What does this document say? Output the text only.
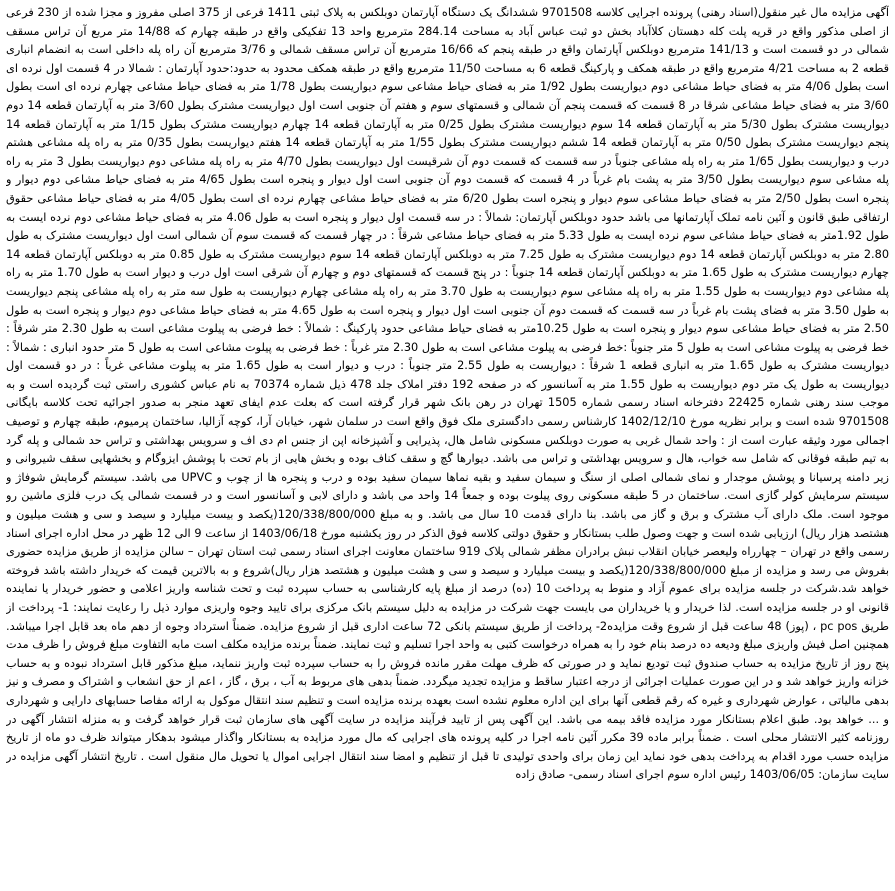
آگهی مزایده مال غیر منقول(اسناد رهنی) پرونده اجرایی کلاسه 9701508 ششدانگ یک دستگاه آپارتمان دوبلکس به پلاک ثبتی 1411 فرعی از 375 اصلی مفروز و مجزا شده از 230 فرعی از اصلی مذکور واقع در قریه پلت کله دهستان کلاآباد بخش دو ثبت عباس آباد به مساحت 284.14 مترمربع واحد 13 تفکیکی واقع در طبقه چهارم که 14/88 متر مربع آن تراس مسقف شمالی در دو قسمت است و 141/13 مترمربع دوبلکس آپارتمان واقع در طبقه پنجم که 16/66 مترمربع آن تراس مسقف شمالی و 3/76 مترمربع آن راه پله داخلی است به انضمام انباری قطعه 2 به مساحت 4/21 مترمربع واقع در طبقه همکف و پارکینگ قطعه 6 به مساحت 11/50 مترمربع واقع در طبقه همکف محدود به حدود:حدود آپارتمان : شمالا در 4 قسمت اول نرده ای است بطول 4/06 متر به فضای حیاط مشاعی دوم دیواریست بطول 1/92 متر به فضای حیاط مشاعی سوم دیواریست بطول 1/78 متر به فضای حیاط مشاعی چهارم نرده ای است بطول 3/60 متر به فضای حیاط مشاعی شرقا در 8 قسمت که قسمت پنجم آن شمالی و قسمتهای سوم و هفتم آن جنوبی است اول دیواریست مشترک بطول 3/60 متر به آپارتمان قطعه 14 دوم دیواریست مشترک بطول 5/30 متر به آپارتمان قطعه 14 سوم دیواریست مشترک بطول 0/25 متر به آپارتمان قطعه 14 چهارم دیواریست مشترک بطول 1/15 متر به آپارتمان قطعه 14 پنجم دیواریست مشترک بطول 0/50 متر به آپارتمان قطعه 14 ششم دیواریست مشترک بطول 1/55 متر به آپارتمان قطعه 14 هفتم دیواریست بطول 0/35 متر به راه پله مشاعی هشتم درب و دیواریست بطول 1/65 متر به راه پله مشاعی جنوباً در سه قسمت که قسمت دوم آن شرقیست اول دیواریست بطول 4/70 متر به راه پله مشاعی دوم دیواریست بطول 3 متر به راه پله مشاعی سوم دیواریست بطول 3/50 متر به پشت بام غرباً در 4 قسمت که قسمت دوم آن جنوبی است اول دیوار و پنجره است بطول 4/65 متر به فضای حیاط مشاعی دوم دیوار و پنجره است بطول 2/50 متر به فضای حیاط مشاعی سوم دیوار و پنجره است بطول 6/20 متر به فضای حیاط مشاعی چهارم نرده ای است بطول 4/05 متر به فضای حیاط مشاعی حقوق ارتفاقی طبق قانون و آئین نامه تملک آپارتمانها می باشد حدود دوبلکس آپارتمان: شمالاً : در سه قسمت اول دیوار و پنجره است به طول 4.06 متر به فضای حیاط مشاعی دوم نرده ایست به طول 1.92متر به فضای حیاط مشاعی سوم نرده ایست به طول 5.33 متر به فضای حیاط مشاعی شرقاً : در چهار قسمت که قسمت سوم آن شمالی است اول دیواریست مشترک به طول 2.80 متر به دوبلکس آپارتمان قطعه 14 دوم دیواریست مشترک به طول 7.25 متر به دوبلکس آپارتمان قطعه 14 سوم دیواریست مشترک به طول 0.85 متر به دوبلکس آپارتمان قطعه 14 چهارم دیواریست مشترک به طول 1.65 متر به دوبلکس آپارتمان قطعه 14 جنوباً : در پنج قسمت که قسمتهای دوم و چهارم آن شرقی است اول درب و دیوار است به طول 1.70 متر به راه پله مشاعی دوم دیواریست به طول 1.55 متر به راه پله مشاعی سوم دیواریست به طول 3.70 متر به راه پله مشاعی چهارم دیواریست به طول سه متر به راه پله مشاعی پنجم دیواریست به طول 3.50 متر به فضای پشت بام غرباً در سه قسمت که قسمت دوم آن جنوبی است اول دیوار و پنجره است به طول 4.65 متر به فضای حیاط مشاعی دوم دیوار و پنجره است به طول 2.50 متر به فضای حیاط مشاعی سوم دیوار و پنجره است به طول 10.25متر به فضای حیاط مشاعی حدود پارکینگ : شمالاً : خط فرضی به پیلوت مشاعی است به طول 2.30 متر شرقاً : خط فرضی به پیلوت مشاعی است به طول 5 متر جنوباً :خط فرضی به پیلوت مشاعی است به طول 2.30 متر غرباً : خط فرضی به پیلوت مشاعی است به طول 5 متر حدود انباری : شمالاً : دیواریست مشترک به طول 1.65 متر به انباری قطعه 1 شرقاً : دیواریست به طول 2.55 متر جنوباً : درب و دیوار است به طول 1.65 متر به پیلوت مشاعی غرباً : در دو قسمت اول دیواریست به طول یک متر دوم دیواریست به طول 1.55 متر به آسانسور که در صفحه 192 دفتر املاک جلد 478 ذیل شماره 70374 به نام عباس کشوری راستی ثبت گردیده است و به موجب سند رهنی شماره 22425 دفترخانه اسناد رسمی شماره 1505 تهران در رهن بانک شهر قرار گرفته است که بعلت عدم ایفای تعهد منجر به صدور اجرائیه تحت کلاسه بایگانی 9701508 شده است و برابر نظریه مورخ 1402/12/10 کارشناس رسمی دادگستری ملک فوق واقع است در سلمان شهر، خیابان آرا، کوچه آزالیا، ساختمان پرمیوم، طبقه چهارم و توصیف اجمالی مورد وثیقه عبارت است از : واحد شمال غربی به صورت دوبلکس مسکونی شامل هال، پذیرایی و آشپزخانه اپن از جنس ام دی اف و سرویس بهداشتی و تراس حد شمالی و پله گرد به تیم طبقه فوقانی که شامل سه خواب، هال و سرویس بهداشتی و تراس می باشد. دیوارها گچ و سقف کناف بوده و بخش هایی از بام تحت با پوشش ایزوگام و بخشهایی سقف شیروانی و زیر دامنه پرسیانا و پوشش موجدار و نمای شمالی اصلی از سنگ و سیمان سفید و بقیه نماها سیمان سفید بوده و درب و پنجره ها از چوب و UPVC می باشد. سیستم گرمایش شوفاژ و سیستم سرمایش کولر گازی است. ساختمان در 5 طبقه مسکونی روی پیلوت بوده و جمعاً 14 واحد می باشد و دارای لابی و آسانسور است و در قسمت شمالی یک درب فلزی ماشین رو موجود است. ملک دارای آب مشترک و برق و گاز می باشد. بنا دارای قدمت 10 سال می باشد. و به مبلغ 120/338/800/000(یکصد و بیست میلیارد و سیصد و سی و هشت میلیون و هشتصد هزار ریال) ارزیابی شده است و جهت وصول طلب بستانکار و حقوق دولتی کلاسه فوق الذکر در روز یکشنبه مورخ 1403/06/18 از ساعت 9 الی 12 ظهر در محل اداره اجرای اسناد رسمی واقع در تهران – چهارراه ولیعصر خیابان انقلاب نبش برادران مظفر شمالی پلاک 919 ساختمان معاونت اجرای اسناد رسمی ثبت استان تهران – سالن مزایده از طریق مزایده حضوری بفروش می رسد و مزایده از مبلغ 120/338/800/000(یکصد و بیست میلیارد و سیصد و سی و هشت میلیون و هشتصد هزار ریال)شروع و به بالاترین قیمت که خریدار داشته باشد فروخته خواهد شد.شرکت در جلسه مزایده برای عموم آزاد و منوط به پرداخت 10 (ده) درصد از مبلغ پایه کارشناسی به حساب سپرده ثبت و تحت شناسه واریز اعلامی و حضور خریدار یا نماینده قانونی او در جلسه مزایده است. لذا خریدار و یا خریداران می بایست جهت شرکت در مزایده به دلیل سیستم بانک مرکزی برای تایید وجوه واریزی موارد ذیل را رعایت نمایند: 1- پرداخت از طریق pc pos ، (پوز) 48 ساعت قبل از شروع وقت مزایده2- پرداخت از طریق سیستم بانکی 72 ساعت اداری قبل از شروع مزایده. ضمناً استرداد وجوه از دهم ماه بعد قابل اجرا میباشد. همچنین اصل فیش واریزی مبلغ ودیعه ده درصد بنام خود را به همراه درخواست کتبی به واحد اجرا تسلیم و ثبت نمایند. ضمناً برنده مزایده مکلف است مابه التفاوت مبلغ فروش را ظرف مدت پنج روز از تاریخ مزایده به حساب صندوق ثبت تودیع نماید و در صورتی که ظرف مهلت مقرر مانده فروش را به حساب سپرده ثبت واریز ننماید، مبلغ مذکور قابل استرداد نبوده و به حساب خزانه واریز خواهد شد و در این صورت عملیات اجرائی از درجه اعتبار ساقط و مزایده تجدید میگردد. ضمناً بدهی های مربوط به آب ، برق ، گاز ، اعم از حق انشعاب و اشتراک و مصرف و نیز بدهی مالیاتی ، عوارض شهرداری و غیره که رقم قطعی آنها برای این اداره معلوم نشده است بعهده برنده مزایده است و تنظیم سند انتقال موکول به ارائه مفاصا حسابهای دارایی و شهرداری و ... خواهد بود. طبق اعلام بستانکار مورد مزایده فاقد بیمه می باشد. این آگهی پس از تایید فرآیند مزایده در سایت آگهی های سازمان ثبت قرار خواهد گرفت و به منزله انتشار آگهی در روزنامه کثیر الانتشار محلی است . ضمناً برابر ماده 39 مکرر آئین نامه اجرا در کلیه پرونده های اجرایی که مال مورد مزایده به بستانکار واگذار میشود بدهکار میتواند ظرف دو ماه از تاریخ مزایده حسب مورد اقدام به پرداخت بدهی خود نماید این زمان برای واحدی تولیدی تا قبل از تنظیم و امضا سند انتقال اجرایی اموال یا تحویل مال منقول است . تاریخ انتشار آگهی مزایده در سایت سازمان: 1403/06/05 رئیس اداره سوم اجرای اسناد رسمی- صادق زاده
